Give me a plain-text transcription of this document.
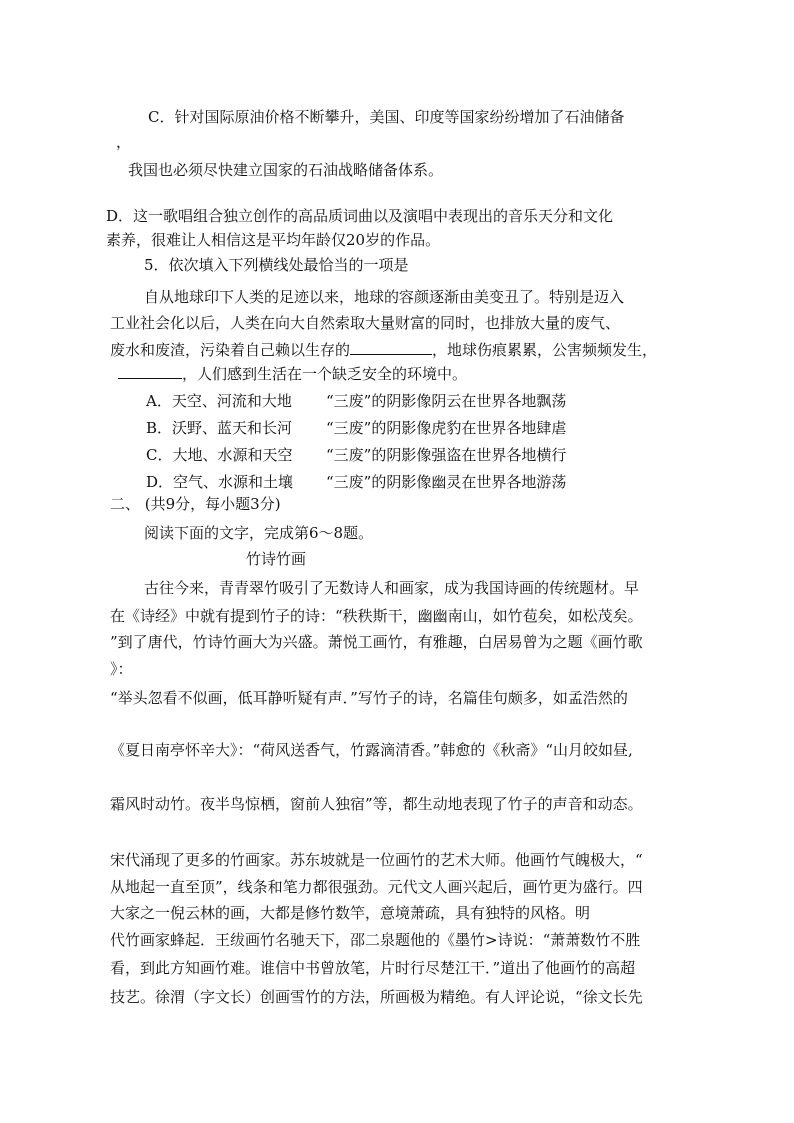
C．针对国际原油价格不断攀升，美国、印度等国家纷纷增加了石油储备
，
我国也必须尽快建立国家的石油战略储备体系。
D．这一歌唱组合独立创作的高品质词曲以及演唱中表现出的音乐天分和文化
素养，很难让人相信这是平均年龄仅20岁的作品。
5．依次填入下列横线处最恰当的一项是
自从地球印下人类的足迹以来，地球的容颜逐渐由美变丑了。特别是迈入
工业社会化以后，人类在向大自然索取大量财富的同时，也排放大量的废气、
废水和废渣，污染着自己赖以生存的	，地球伤痕累累，公害频频发生，
，人们感到生活在一个缺乏安全的环境中。
A．天空、河流和大地 “三废”的阴影像阴云在世界各地飘荡
B．沃野、蓝天和长河 “三废”的阴影像虎豹在世界各地肆虐
C．大地、水源和天空 “三废”的阴影像强盗在世界各地横行
D．空气、水源和土壤 “三废”的阴影像幽灵在世界各地游荡
二、 (共9分，每小题3分)
阅读下面的文字，完成第6～8题。
竹诗竹画
古往今来，青青翠竹吸引了无数诗人和画家，成为我国诗画的传统题材。早
在《诗经》中就有提到竹子的诗：“秩秩斯干，幽幽南山，如竹苞矣，如松茂矣。
”到了唐代，竹诗竹画大为兴盛。萧悦工画竹，有雅趣，白居易曾为之题《画竹歌
》：
“举头忽看不似画，低耳静听疑有声．”写竹子的诗，名篇佳句颇多，如孟浩然的
《夏日南亭怀辛大》：“荷风送香气，竹露滴清香。”韩愈的《秋斋》“山月皎如昼,
霜风时动竹。夜半鸟惊栖，窗前人独宿”等，都生动地表现了竹子的声音和动态。
宋代涌现了更多的竹画家。苏东坡就是一位画竹的艺术大师。他画竹气魄极大，“
从地起一直至顶”，线条和笔力都很强劲。元代文人画兴起后，画竹更为盛行。四
大家之一倪云林的画，大都是修竹数竿，意境萧疏，具有独特的风格。明
代竹画家蜂起．王绂画竹名驰天下，邵二泉题他的《墨竹>诗说：“萧萧数竹不胜
看，到此方知画竹难。谁信中书曾放笔，片时行尽楚江干．”道出了他画竹的高超
技艺。徐渭（字文长）创画雪竹的方法，所画极为精绝。有人评论说，“徐文长先
